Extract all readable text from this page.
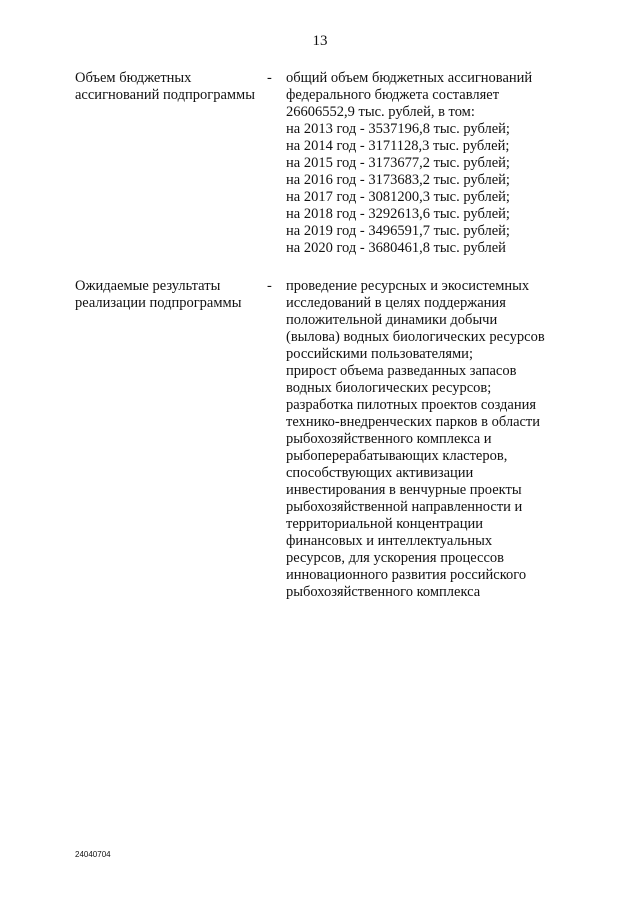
13
Объем бюджетных
ассигнований подпрограммы
- общий объем бюджетных ассигнований
федерального бюджета составляет
26606552,9 тыс. рублей, в том:
на 2013 год - 3537196,8 тыс. рублей;
на 2014 год - 3171128,3 тыс. рублей;
на 2015 год - 3173677,2 тыс. рублей;
на 2016 год - 3173683,2 тыс. рублей;
на 2017 год - 3081200,3 тыс. рублей;
на 2018 год - 3292613,6 тыс. рублей;
на 2019 год - 3496591,7 тыс. рублей;
на 2020 год - 3680461,8 тыс. рублей
Ожидаемые результаты
реализации подпрограммы
- проведение ресурсных и экосистемных
исследований в целях поддержания
положительной динамики добычи
(вылова) водных биологических ресурсов
российскими пользователями;
прирост объема разведанных запасов
водных биологических ресурсов;
разработка пилотных проектов создания
технико-внедренческих парков в области
рыбохозяйственного комплекса и
рыбоперерабатывающих кластеров,
способствующих активизации
инвестирования в венчурные проекты
рыбохозяйственной направленности и
территориальной концентрации
финансовых и интеллектуальных
ресурсов, для ускорения процессов
инновационного развития российского
рыбохозяйственного комплекса
24040704
